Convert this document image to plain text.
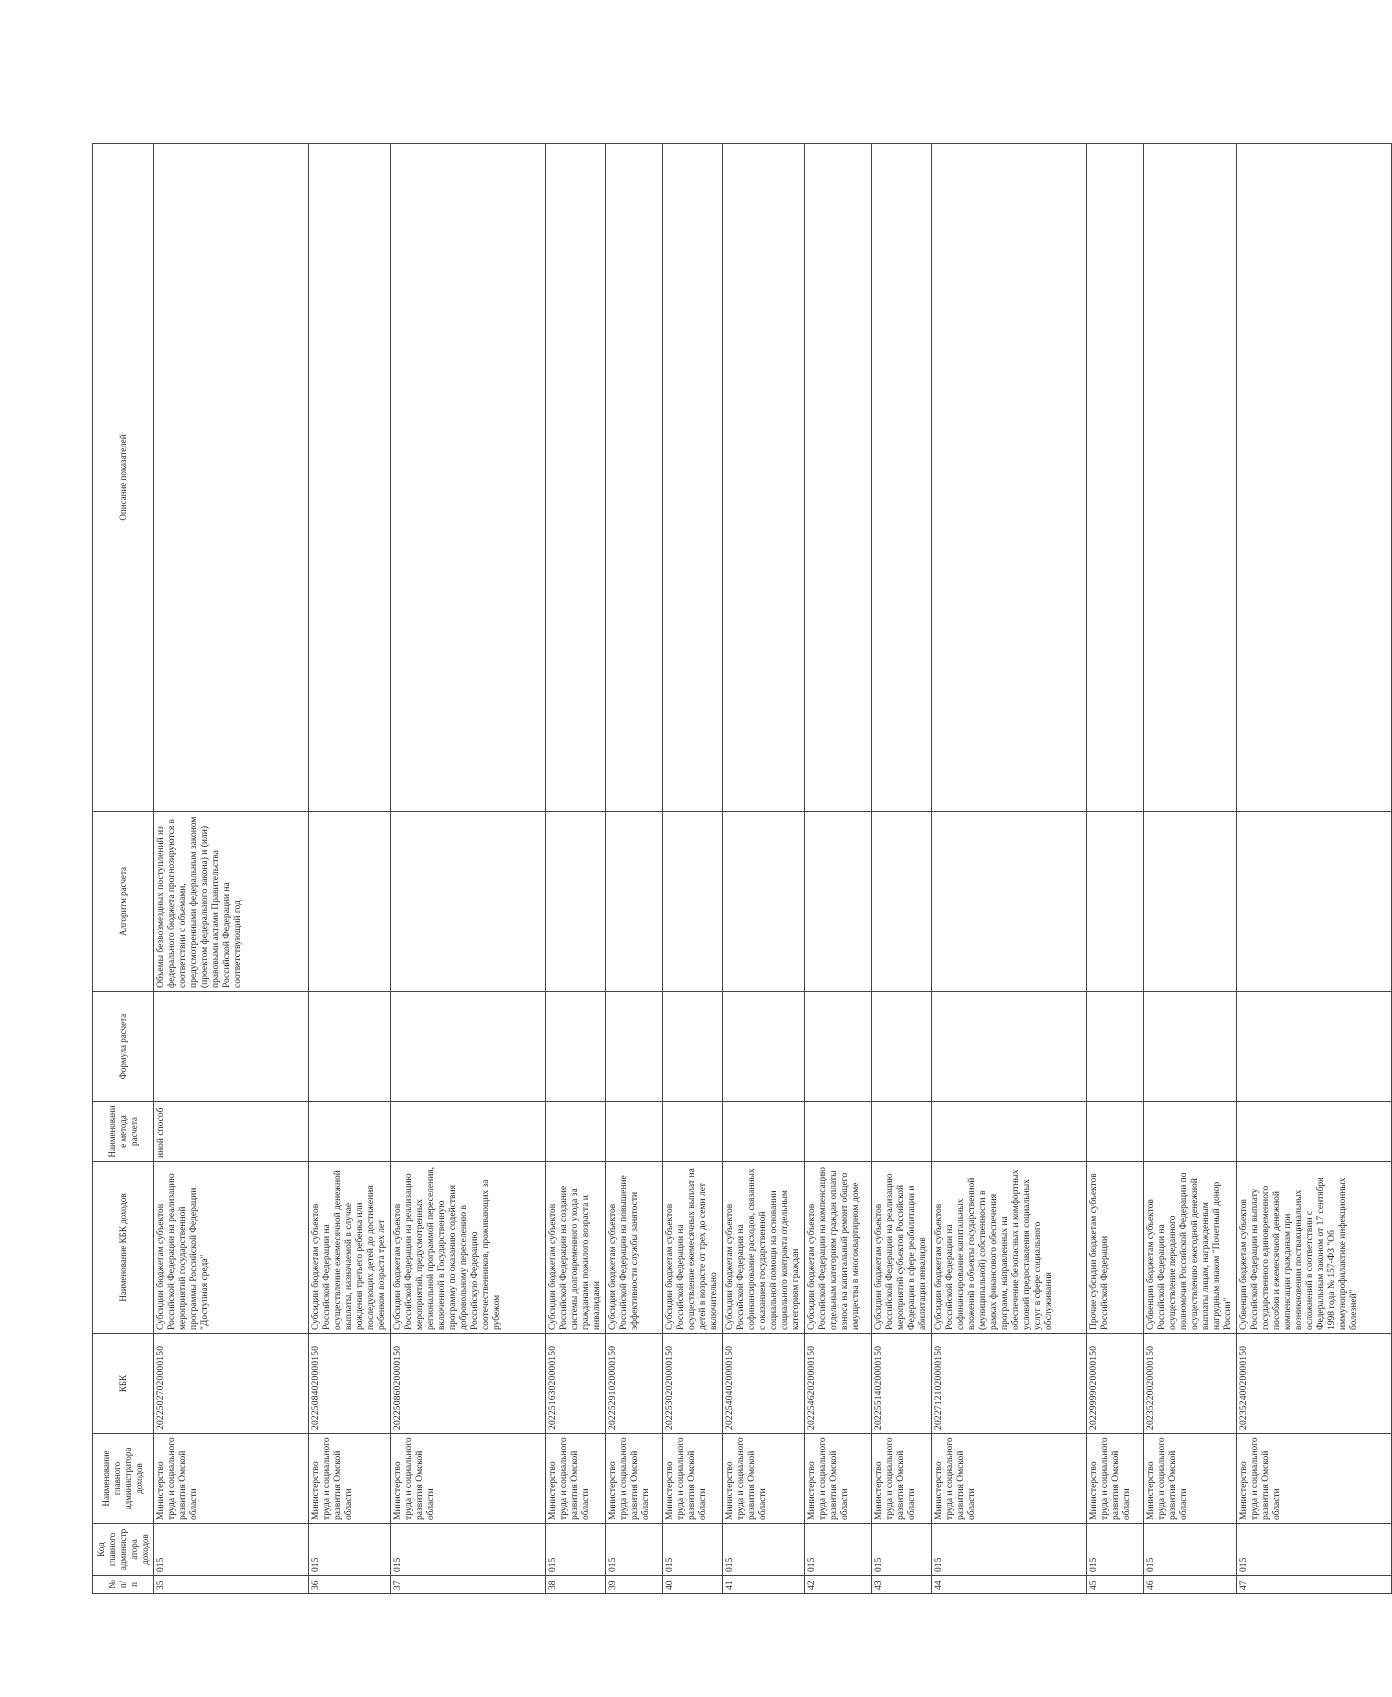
№ п/п	Код главного администратора доходов	Наименование главного администратора доходов	КБК	Наименование КБК доходов	Наименование метода расчета	Формула расчета	Алгоритм расчета	Описание показателей
35	015	Министерство труда и социального развития Омской области	20225027020000150	Субсидии бюджетам субъектов Российской Федерации на реализацию мероприятий государственной программы Российской Федерации "Доступная среда"	иной способ		Объемы безвозмездных поступлений из федерального бюджета прогнозируются в соответствии с объемами, предусмотренными федеральным законом (проектом федерального закона) и (или) правовыми актами Правительства Российской Федерации на соответствующий год	
36	015	Министерство труда и социального развития Омской области	20225084020000150	Субсидии бюджетам субъектов Российской Федерации на осуществление ежемесячной денежной выплаты, назначаемой в случае рождения третьего ребенка или последующих детей до достижения ребенком возраста трех лет				
37	015	Министерство труда и социального развития Омской области	20225086020000150	Субсидии бюджетам субъектов Российской Федерации на реализацию мероприятий, предусмотренных региональной программой переселения, включенной в Государственную программу по оказанию содействия добровольному переселению в Российскую Федерацию соотечественников, проживающих за рубежом				
38	015	Министерство труда и социального развития Омской области	20225163020000150	Субсидии бюджетам субъектов Российской Федерации на создание системы долговременного ухода за гражданами пожилого возраста и инвалидами				
39	015	Министерство труда и социального развития Омской области	20225291020000150	Субсидии бюджетам субъектов Российской Федерации на повышение эффективности службы занятости				
40	015	Министерство труда и социального развития Омской области	20225302020000150	Субсидии бюджетам субъектов Российской Федерации на осуществление ежемесячных выплат на детей в возрасте от трех до семи лет включительно				
41	015	Министерство труда и социального развития Омской области	20225404020000150	Субсидии бюджетам субъектов Российской Федерации на софинансирование расходов, связанных с оказанием государственной социальной помощи на основании социального контракта отдельным категориям граждан				
42	015	Министерство труда и социального развития Омской области	20225462020000150	Субсидии бюджетам субъектов Российской Федерации на компенсацию отдельным категориям граждан оплаты взноса на капитальный ремонт общего имущества в многоквартирном доме				
43	015	Министерство труда и социального развития Омской области	20225514020000150	Субсидии бюджетам субъектов Российской Федерации на реализацию мероприятий субъектов Российской Федерации в сфере реабилитации и абилитации инвалидов				
44	015	Министерство труда и социального развития Омской области	20227121020000150	Субсидии бюджетам субъектов Российской Федерации на софинансирование капитальных вложений в объекты государственной (муниципальной) собственности в рамках финансового обеспечения программ, направленных на обеспечение безопасных и комфортных условий предоставления социальных услуг в сфере социального обслуживания				
45	015	Министерство труда и социального развития Омской области	20229999020000150	Прочие субсидии бюджетам субъектов Российской Федерации				
46	015	Министерство труда и социального развития Омской области	20235220020000150	Субвенции бюджетам субъектов Российской Федерации на осуществление переданного полномочия Российской Федерации по осуществлению ежегодной денежной выплаты лицам, награжденным нагрудным знаком "Почетный донор России"				
47	015	Министерство труда и социального развития Омской области	20235240020000150	Субвенции бюджетам субъектов Российской Федерации на выплату государственного единовременного пособия и ежемесячной денежной компенсации гражданам при возникновении поствакцинальных осложнений в соответствии с Федеральным законом от 17 сентября 1998 года № 157-ФЗ "Об иммунопрофилактике инфекционных болезней"				
